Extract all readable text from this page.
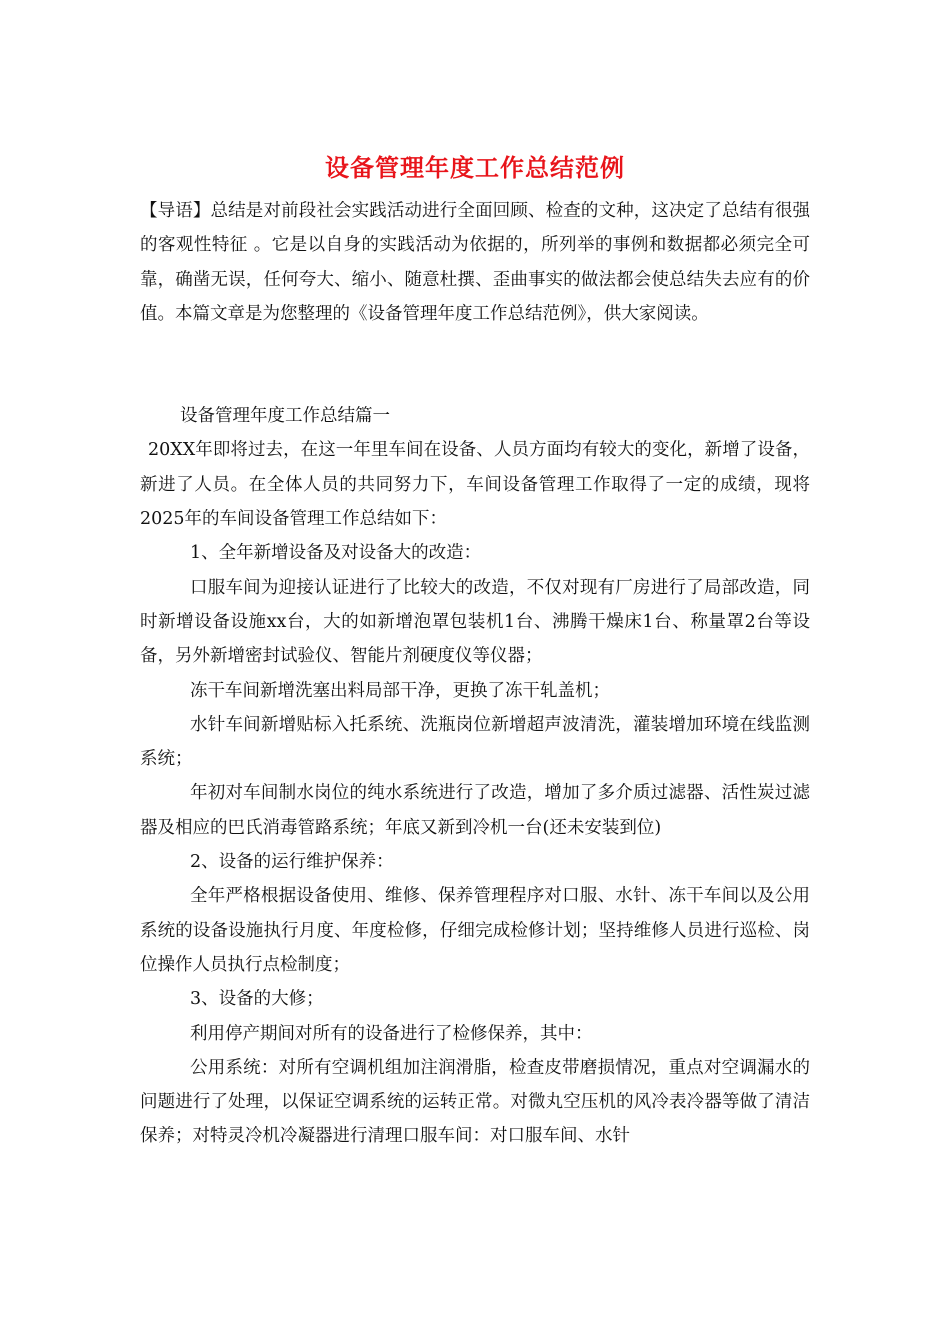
设备管理年度工作总结范例

【导语】总结是对前段社会实践活动进行全面回顾、检查的文种，这决定了总结有很强的客观性特征 。它是以自身的实践活动为依据的，所列举的事例和数据都必须完全可靠，确凿无误，任何夸大、缩小、随意杜撰、歪曲事实的做法都会使总结失去应有的价值。本篇文章是为您整理的《设备管理年度工作总结范例》，供大家阅读。

设备管理年度工作总结篇一

20XX年即将过去，在这一年里车间在设备、人员方面均有较大的变化，新增了设备，新进了人员。在全体人员的共同努力下，车间设备管理工作取得了一定的成绩，现将2025年的车间设备管理工作总结如下：

1、全年新增设备及对设备大的改造：

口服车间为迎接认证进行了比较大的改造，不仅对现有厂房进行了局部改造，同时新增设备设施xx台，大的如新增泡罩包装机1台、沸腾干燥床1台、称量罩2台等设备，另外新增密封试验仪、智能片剂硬度仪等仪器；

冻干车间新增洗塞出料局部干净，更换了冻干轧盖机；

水针车间新增贴标入托系统、洗瓶岗位新增超声波清洗，灌装增加环境在线监测系统；

年初对车间制水岗位的纯水系统进行了改造，增加了多介质过滤器、活性炭过滤器及相应的巴氏消毒管路系统；年底又新到冷机一台(还未安装到位)

2、设备的运行维护保养：

全年严格根据设备使用、维修、保养管理程序对口服、水针、冻干车间以及公用系统的设备设施执行月度、年度检修，仔细完成检修计划；坚持维修人员进行巡检、岗位操作人员执行点检制度；

3、设备的大修；

利用停产期间对所有的设备进行了检修保养，其中：

公用系统：对所有空调机组加注润滑脂，检查皮带磨损情况，重点对空调漏水的问题进行了处理，以保证空调系统的运转正常。对微丸空压机的风冷表冷器等做了清洁保养；对特灵冷机冷凝器进行清理口服车间：对口服车间、水针
